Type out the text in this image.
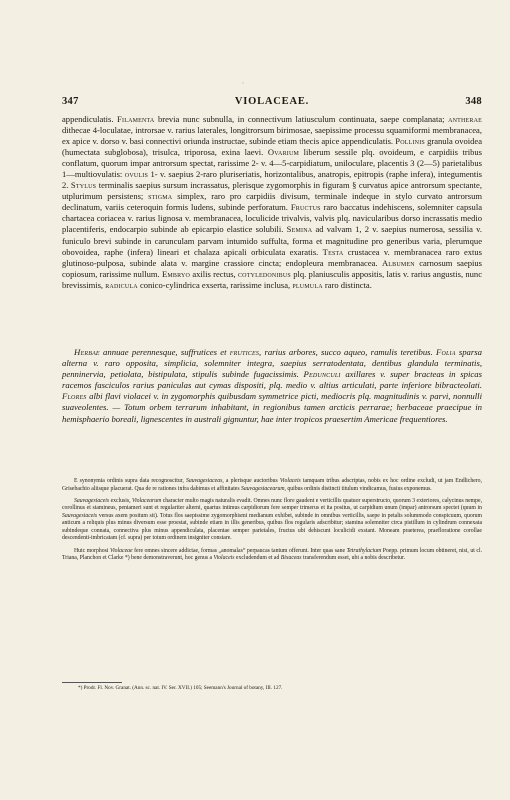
‘
347	VIOLACEAE.	348

appendiculatis. Filamenta brevia nunc subnulla, in connectivum latiusculum continuata, saepe complanata; antherae dithecae 4-loculatae, introrsae v. rarius laterales, longitrorsum birimosae, saepissime processu squamiformi membranacea, ex apice v. dorso v. basi connectivi oriunda instructae, subinde etiam thecis apice appendiculatis. Pollinis granula ovoidea (humectata subglobosa), trisulca, triporosa, exina laevi. Ovarium liberum sessile plq. ovoideum, e carpidiis tribus conflatum, quorum impar antrorsum spectat, rarissime 2- v. 4—5-carpidiatum, uniloculare, placentis 3 (2—5) parietalibus 1—multiovulatis: ovulis 1- v. saepius 2-raro pluriseriatis, horizontalibus, anatropis, epitropis (raphe infera), integumentis 2. Stylus terminalis saepius sursum incrassatus, plerisque zygomorphis in figuram § curvatus apice antrorsum spectante, utplurimum persistens; stigma simplex, raro pro carpidiis divisum, terminale indeque in stylo curvato antrorsum declinatum, variis ceteroquin formis ludens, subinde perforatum. Fructus raro baccatus indehiscens, solemniter capsula chartacea coriacea v. rarius lignosa v. membranacea, loculicide trivalvis, valvis plq. navicularibus dorso incrassatis medio placentiferis, endocarpio subinde ab epicarpio elastice solubili. Semina ad valvam 1, 2 v. saepius numerosa, sessilia v. funiculo brevi subinde in carunculam parvam intumido suffulta, forma et magnitudine pro generibus varia, plerumque obovoidea, raphe (infera) lineari et chalaza apicali orbiculata exaratis. Testa crustacea v. membranacea raro extus glutinoso-pulposa, subinde alata v. margine crassiore cincta; endopleura membranacea. Albumen carnosum saepius copiosum, rarissime nullum. Embryo axilis rectus, cotyledonibus plq. planiusculis appositis, latis v. rarius angustis, nunc brevissimis, radicula conico-cylindrica exserta, rarissime inclusa, plumula raro distincta.

Herbae annuae perennesque, suffrutices et frutices, rarius arbores, succo aqueo, ramulis teretibus. Folia sparsa alterna v. raro opposita, simplicia, solemniter integra, saepius serratodentata, dentibus glandula terminatis, penninervia, petiolata, bistipulata, stipulis subinde fugacissimis. Pedunculi axillares v. super bracteas in spicas racemos fasciculos rarius paniculas aut cymas dispositi, plq. medio v. altius articulati, parte inferiore bibracteolati. Flores albi flavi violacei v. in zygomorphis quibusdam symmetrice picti, mediocris plq. magnitudinis v. parvi, nonnulli suaveolentes. — Totum orbem terrarum inhabitant, in regionibus tamen arcticis perrarae; herbaceae praecipue in hemisphaerio boreali, lignescentes in australi gignuntur, hae inter tropicos praesertim Americae frequentiores.

E synonymia ordinis supra data recognoscitur, Sauvagesiaceas, a plerisque auctoribus Violaceis tamquam tribus adscriptas, nobis ex hoc ordine excludi, ut jam Endlichero, Grisebachio aliisque placuerat. Qua de re rationes infra dabimus et affinitates Sauvagesiacearum, quibus ordinis distincti titulum vindicamus, fusius exponemus.

Sauvagesiaceis exclusis, Violacearum character multo magis naturalis evadit. Omnes nunc flore gaudent e verticillis quatuor superstructo, quorum 3 exteriores, calycinus nempe, corollinus et stamineus, pentameri sunt et regulariter alterni, quartus intimus carpidiorum fere semper trimerus et ita positus, ut carpidium unum (impar) antrorsum spectet (quum in Sauvagesiaceis versus axem positum sit). Totus flos saepissime zygomorphismi medianum exhibet, subinde in omnibus verticillis, saepe in petalis solummodo conspicuum, quorum anticum a reliquis plus minus diversum esse proestat, subinde etiam in illis generibus, quibus flos regularis adscribitur; stamina solemniter circa pistillum in cylindrum connexata subindeque connata, connectiva plus minus appendiculata, placentae semper parietales, fructus ubi dehiscunt loculicidi exstant. Moneam praeterea, praefloratione corollae descendenti-imbricatam (cf. supra) per totum ordinem insigniter constare.

Huic morphosi Violaceae fere omnes sincere addictae, formas „anomalas“ perpaucas tantum offerunt. Inter quas sane Tetrathylacium Poepp. primum locum obtineret, nisi, ut cl. Triana, Planchon et Clarke *) bene demonstraverunt, hoc genus a Violaceis excludendum et ad Bixaceas transferendum esset, ubi a nobis describetur.

*) Prodr. Fl. Nov. Granat. (Ann. sc. nat. IV. Ser. XVII.) 105; Seemann's Journal of botany, III. 127.
